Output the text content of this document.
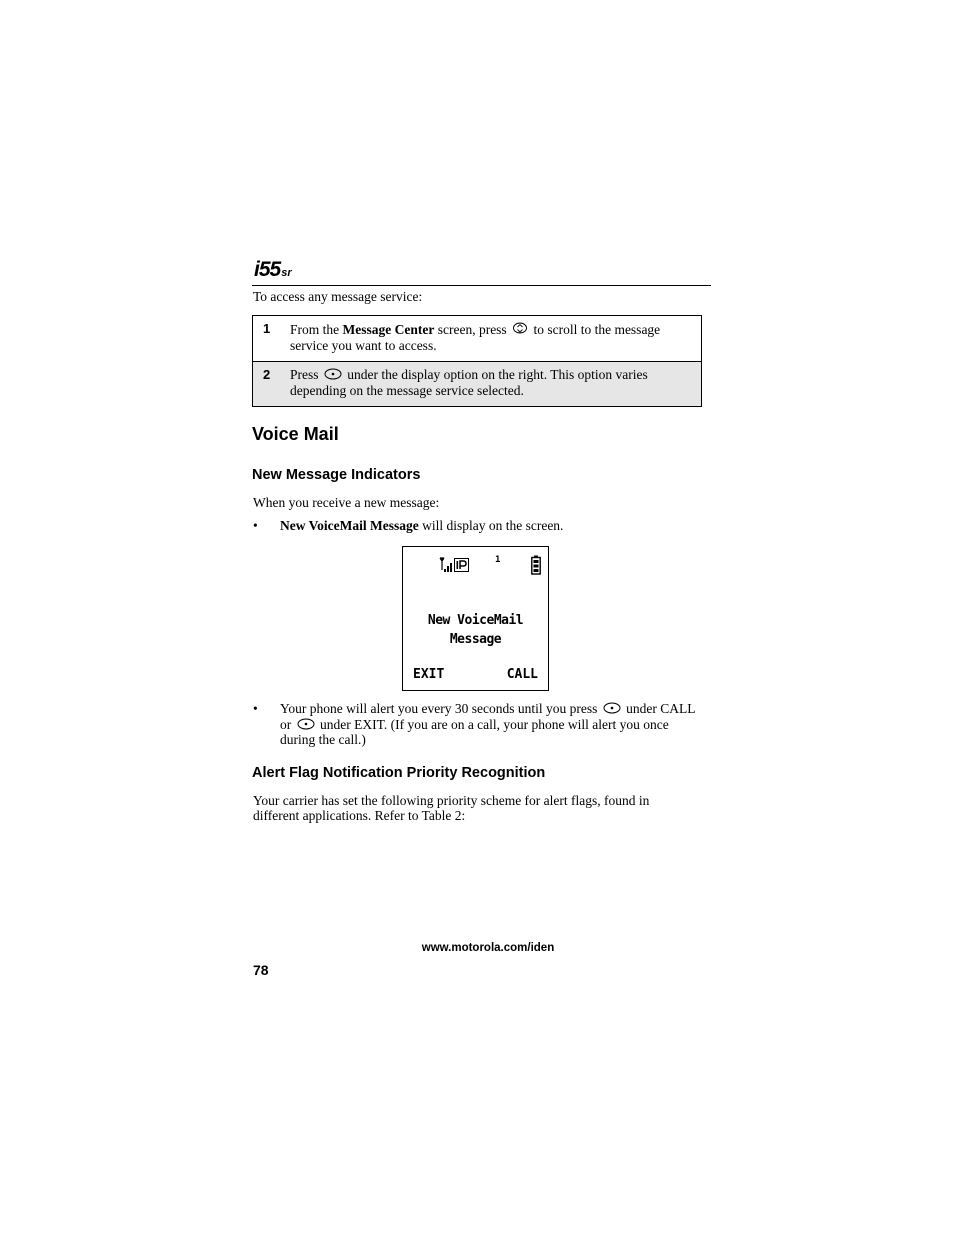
i55sr
To access any message service:
1	From the Message Center screen, press  to scroll to the message service you want to access.
2	Press  under the display option on the right. This option varies depending on the message service selected.
Voice Mail
New Message Indicators
When you receive a new message:
• New VoiceMail Message will display on the screen.
1
New VoiceMail
Message
EXIT	CALL
• Your phone will alert you every 30 seconds until you press  under CALL or  under EXIT. (If you are on a call, your phone will alert you once during the call.)
Alert Flag Notification Priority Recognition
Your carrier has set the following priority scheme for alert flags, found in different applications. Refer to Table 2:
www.motorola.com/iden
78
